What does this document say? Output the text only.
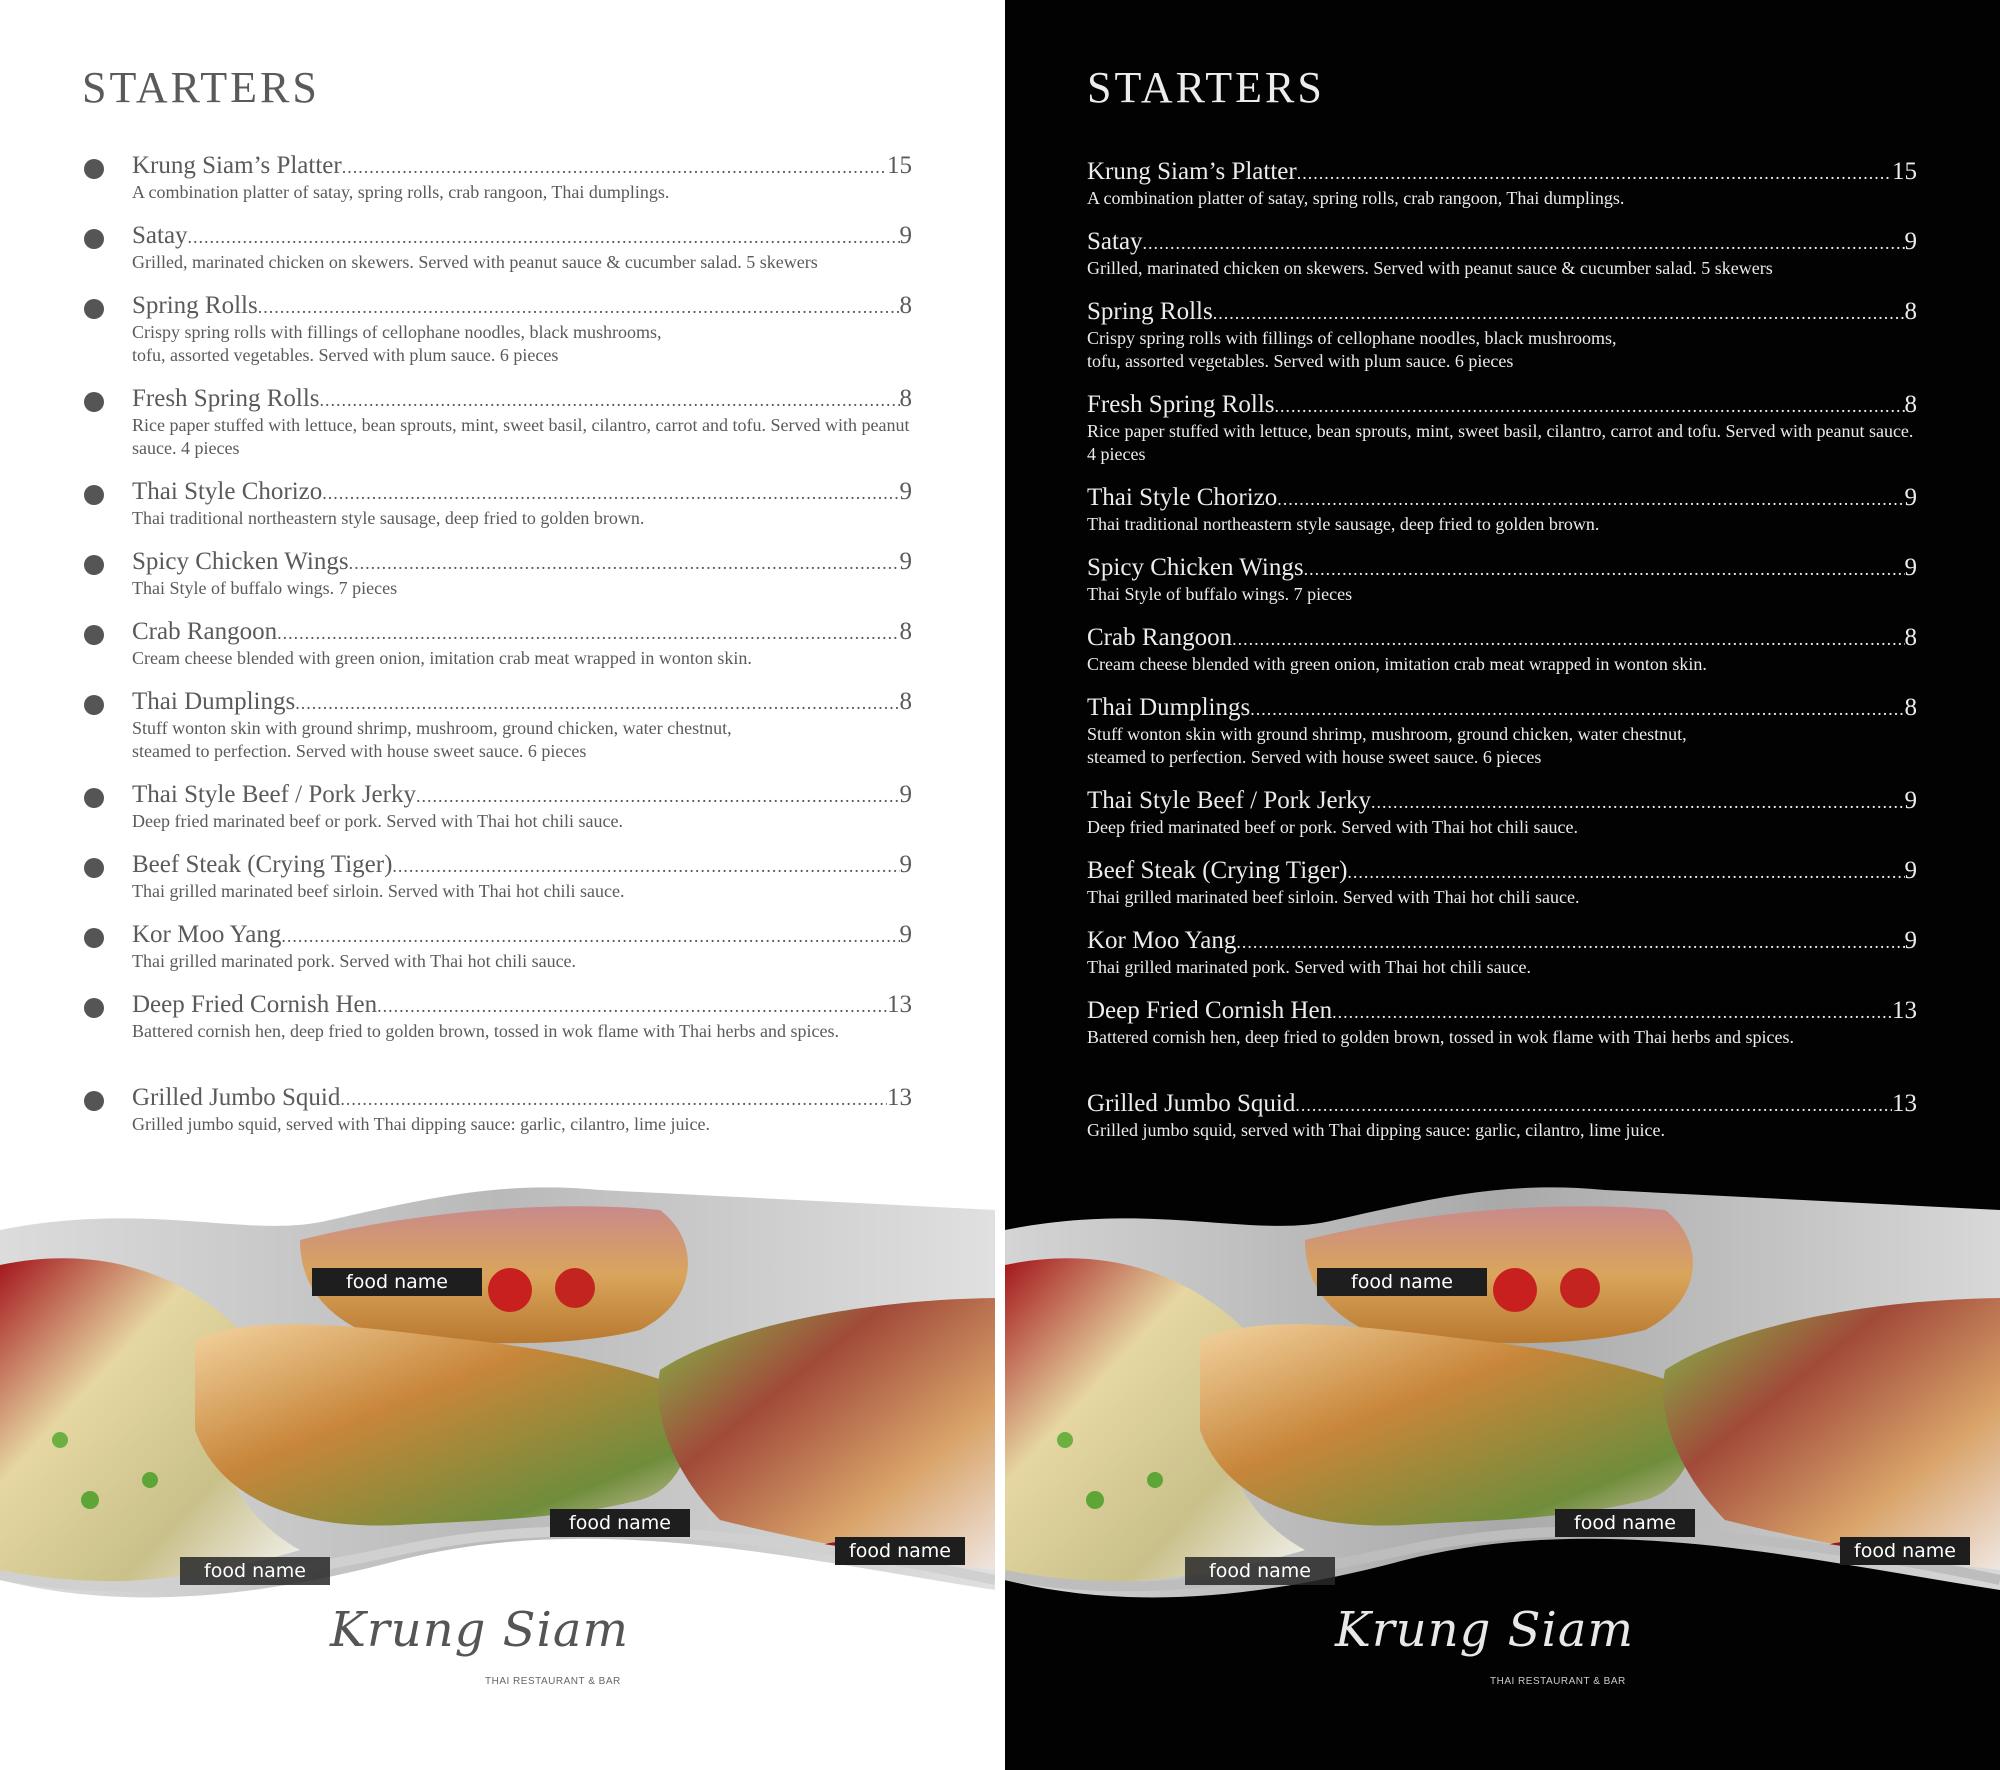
STARTERS
Krung Siam’s Platter .....	15
A combination platter of satay, spring rolls, crab rangoon, Thai dumplings.
Satay .....	9
Grilled, marinated chicken on skewers. Served with peanut sauce & cucumber salad. 5 skewers
Spring Rolls .....	8
Crispy spring rolls with fillings of cellophane noodles, black mushrooms,
tofu, assorted vegetables. Served with plum sauce. 6 pieces
Fresh Spring Rolls .....	8
Rice paper stuffed with lettuce, bean sprouts, mint, sweet basil, cilantro, carrot and tofu. Served with peanut sauce. 4 pieces
Thai Style Chorizo .....	9
Thai traditional northeastern style sausage, deep fried to golden brown.
Spicy Chicken Wings .....	9
Thai Style of buffalo wings. 7 pieces
Crab Rangoon .....	8
Cream cheese blended with green onion, imitation crab meat wrapped in wonton skin.
Thai Dumplings .....	8
Stuff wonton skin with ground shrimp, mushroom, ground chicken, water chestnut,
steamed to perfection. Served with house sweet sauce. 6 pieces
Thai Style Beef / Pork Jerky .....	9
Deep fried marinated beef or pork. Served with Thai hot chili sauce.
Beef Steak (Crying Tiger) .....	9
Thai grilled marinated beef sirloin. Served with Thai hot chili sauce.
Kor Moo Yang .....	9
Thai grilled marinated pork. Served with Thai hot chili sauce.
Deep Fried Cornish Hen .....	13
Battered cornish hen, deep fried to golden brown, tossed in wok flame with Thai herbs and spices.
Grilled Jumbo Squid .....	13
Grilled jumbo squid, served with Thai dipping sauce: garlic, cilantro, lime juice.
food name
food name
food name
food name
Krung Siam
THAI RESTAURANT & BAR
STARTERS
Krung Siam’s Platter .....	15
A combination platter of satay, spring rolls, crab rangoon, Thai dumplings.
Satay .....	9
Grilled, marinated chicken on skewers. Served with peanut sauce & cucumber salad. 5 skewers
Spring Rolls .....	8
Crispy spring rolls with fillings of cellophane noodles, black mushrooms,
tofu, assorted vegetables. Served with plum sauce. 6 pieces
Fresh Spring Rolls .....	8
Rice paper stuffed with lettuce, bean sprouts, mint, sweet basil, cilantro, carrot and tofu. Served with peanut sauce. 4 pieces
Thai Style Chorizo .....	9
Thai traditional northeastern style sausage, deep fried to golden brown.
Spicy Chicken Wings .....	9
Thai Style of buffalo wings. 7 pieces
Crab Rangoon .....	8
Cream cheese blended with green onion, imitation crab meat wrapped in wonton skin.
Thai Dumplings .....	8
Stuff wonton skin with ground shrimp, mushroom, ground chicken, water chestnut,
steamed to perfection. Served with house sweet sauce. 6 pieces
Thai Style Beef / Pork Jerky .....	9
Deep fried marinated beef or pork. Served with Thai hot chili sauce.
Beef Steak (Crying Tiger) .....	9
Thai grilled marinated beef sirloin. Served with Thai hot chili sauce.
Kor Moo Yang .....	9
Thai grilled marinated pork. Served with Thai hot chili sauce.
Deep Fried Cornish Hen .....	13
Battered cornish hen, deep fried to golden brown, tossed in wok flame with Thai herbs and spices.
Grilled Jumbo Squid .....	13
Grilled jumbo squid, served with Thai dipping sauce: garlic, cilantro, lime juice.
food name
food name
food name
food name
Krung Siam
THAI RESTAURANT & BAR
